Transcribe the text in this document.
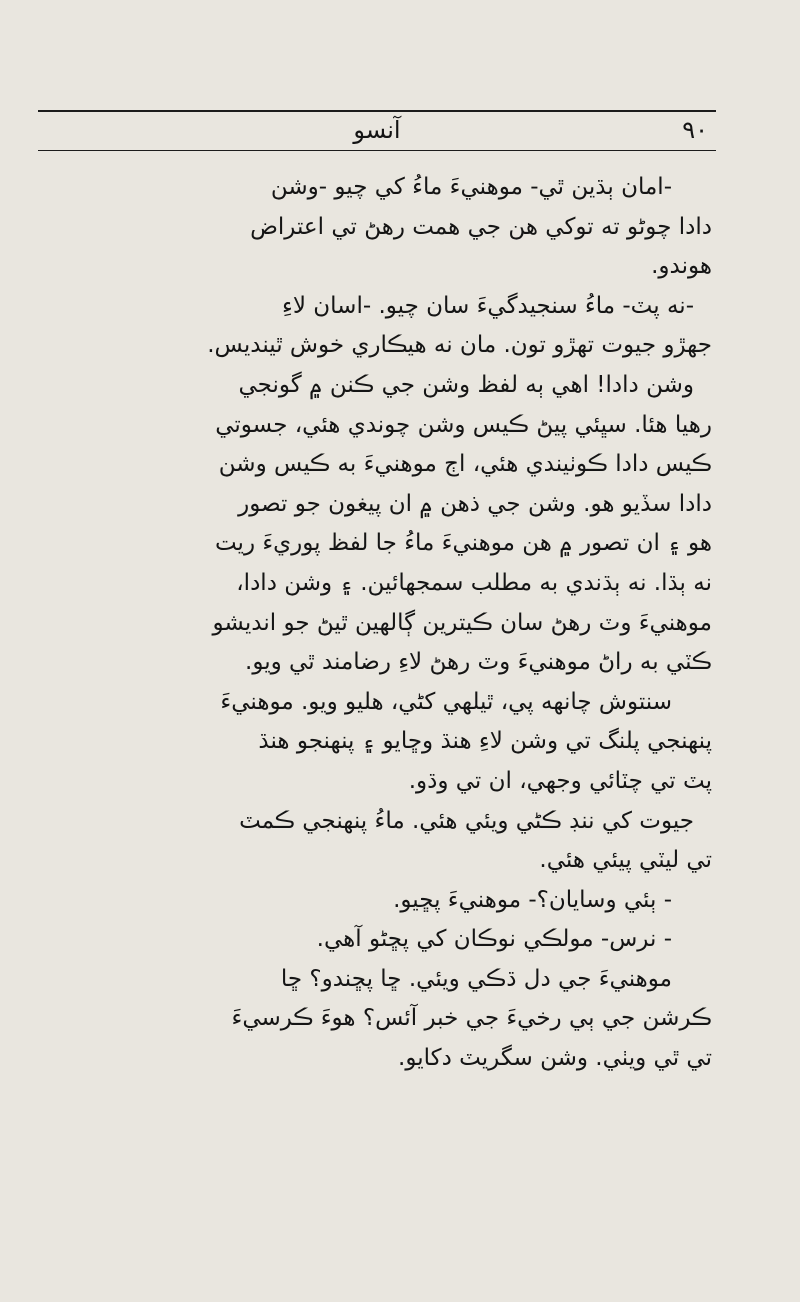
٩٠
آنسو
-امان ٻڌين ٿي- موهنيءَ ماءُ کي چيو -وشن
دادا چوڻو ته توکي هن جي همت رهڻ تي اعتراض
هوندو.
-نه پٽ- ماءُ سنجيدگيءَ سان چيو. -اسان لاءِ
جهڙو جيوت تهڙو تون. مان نه هيڪاري خوش ٿينديس.
وشن دادا! اهي ٻه لفظ وشن جي ڪنن ۾ گونجي
رهيا هئا. سڀئي پيڻ ڪيس وشن چوندي هئي، جسوتي
ڪيس دادا ڪوٺيندي هئي، اڄ موهنيءَ به ڪيس وشن
دادا سڏيو هو. وشن جي ذهن ۾ ان پيغون جو تصور
هو ۽ ان تصور ۾ هن موهنيءَ ماءُ جا لفظ پوريءَ ريت
نه ٻڌا. نه ٻڌندي به مطلب سمجهائين. ۽ وشن دادا،
موهنيءَ وٽ رهڻ سان ڪيترين ڳالهين ٿيڻ جو انديشو
ڪٽي به راڻ موهنيءَ وٽ رهڻ لاءِ رضامند ٿي ويو.
سنتوش چانهه پي، ٿيلهي کڻي، هليو ويو. موهنيءَ
پنهنجي پلنگ تي وشن لاءِ هنڌ وڇايو ۽ پنهنجو هنڌ
پٽ تي چٽائي وجهي، ان تي وڌو.
جيوت کي ننڊ ڪڻي ويئي هئي. ماءُ پنهنجي ڪمٽ
تي ليٽي پيئي هئي.
- ٻئي وسايان؟- موهنيءَ پڇيو.
- نرس- مولڪي نوڪان کي پڇڻو آهي.
موهنيءَ جي دل ڌڪي ويئي. ڇا پڇندو؟ ڇا
ڪرشن جي ٻي رخيءَ جي خبر آئس؟ هوءَ ڪرسيءَ
تي ٿي ويٺي. وشن سگريٽ دکايو.
